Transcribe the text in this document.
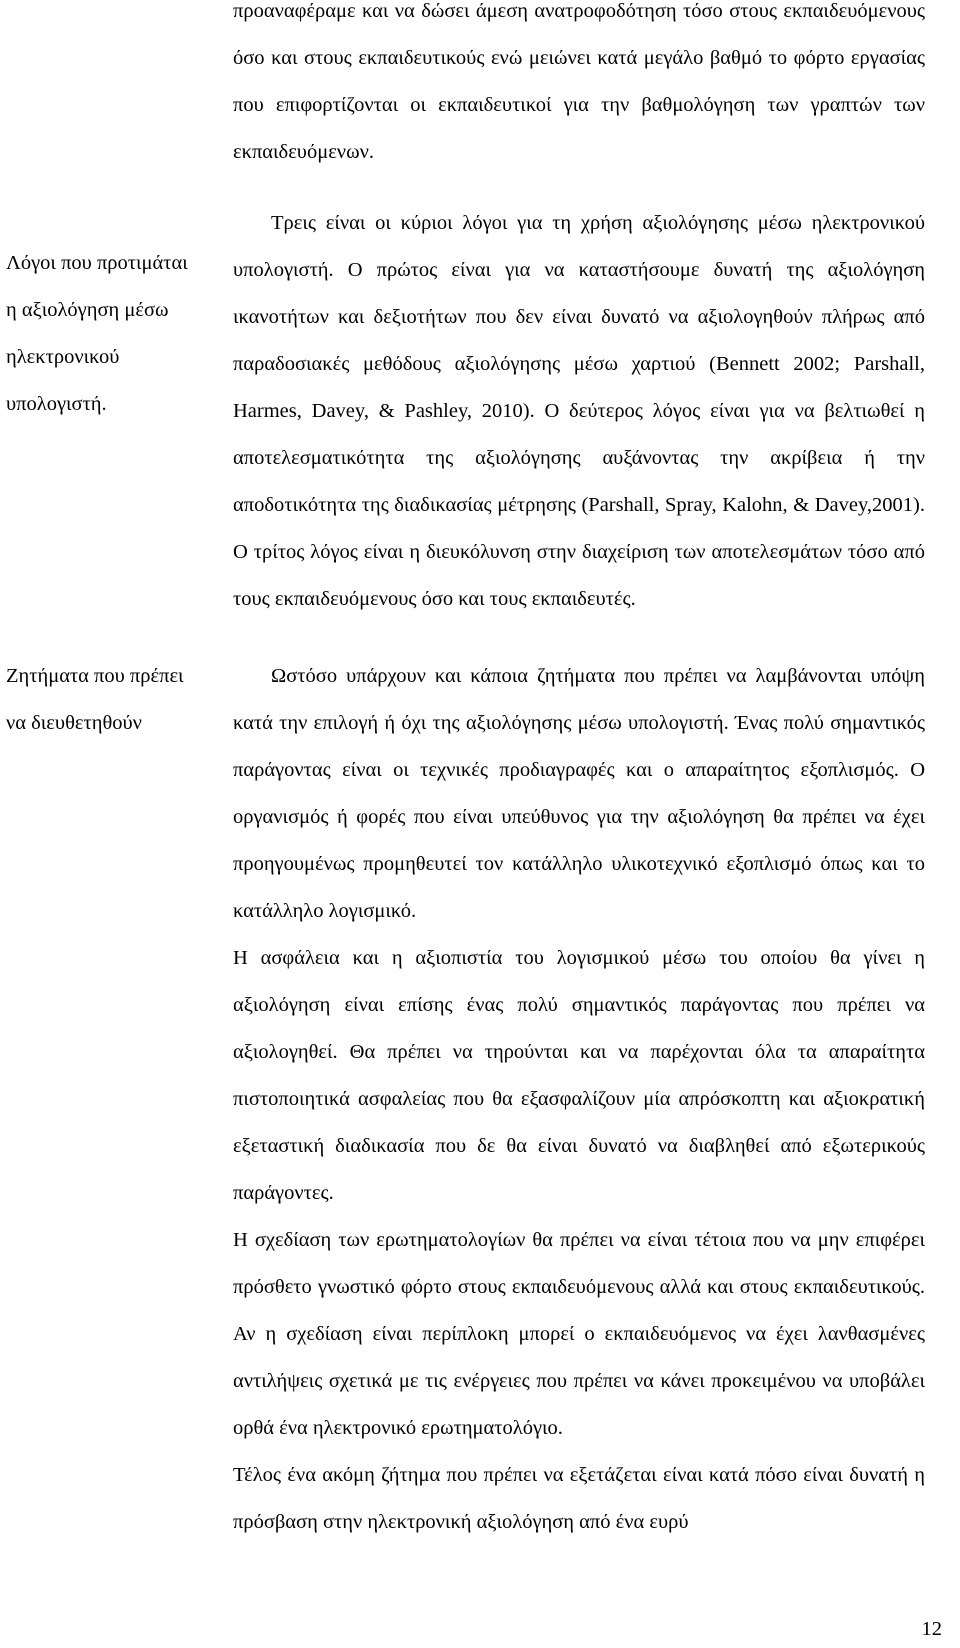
προαναφέραμε και να δώσει άμεση ανατροφοδότηση τόσο στους εκπαιδευόμενους όσο και στους εκπαιδευτικούς ενώ μειώνει κατά μεγάλο βαθμό το φόρτο εργασίας που επιφορτίζονται οι εκπαιδευτικοί για την βαθμολόγηση των γραπτών των εκπαιδευόμενων.

Λόγοι που προτιμάται η αξιολόγηση μέσω ηλεκτρονικού υπολογιστή.

Τρεις είναι οι κύριοι λόγοι για τη χρήση αξιολόγησης μέσω ηλεκτρονικού υπολογιστή. Ο πρώτος είναι για να καταστήσουμε δυνατή της αξιολόγηση ικανοτήτων και δεξιοτήτων που δεν είναι δυνατό να αξιολογηθούν πλήρως από παραδοσιακές μεθόδους αξιολόγησης μέσω χαρτιού (Bennett 2002; Parshall, Harmes, Davey, & Pashley, 2010). Ο δεύτερος λόγος είναι για να βελτιωθεί η αποτελεσματικότητα της αξιολόγησης αυξάνοντας την ακρίβεια ή την αποδοτικότητα της διαδικασίας μέτρησης (Parshall, Spray, Kalohn, & Davey,2001). Ο τρίτος λόγος είναι η διευκόλυνση στην διαχείριση των αποτελεσμάτων τόσο από τους εκπαιδευόμενους όσο και τους εκπαιδευτές.

Ζητήματα που πρέπει να διευθετηθούν

Ωστόσο υπάρχουν και κάποια ζητήματα που πρέπει να λαμβάνονται υπόψη κατά την επιλογή ή όχι της αξιολόγησης μέσω υπολογιστή. Ένας πολύ σημαντικός παράγοντας είναι οι τεχνικές προδιαγραφές και ο απαραίτητος εξοπλισμός. Ο οργανισμός ή φορές που είναι υπεύθυνος για την αξιολόγηση θα πρέπει να έχει προηγουμένως προμηθευτεί τον κατάλληλο υλικοτεχνικό εξοπλισμό όπως και το κατάλληλο λογισμικό.

Η ασφάλεια και η αξιοπιστία του λογισμικού μέσω του οποίου θα γίνει η αξιολόγηση είναι επίσης ένας πολύ σημαντικός παράγοντας που πρέπει να αξιολογηθεί. Θα πρέπει να τηρούνται και να παρέχονται όλα τα απαραίτητα πιστοποιητικά ασφαλείας που θα εξασφαλίζουν μία απρόσκοπτη και αξιοκρατική εξεταστική διαδικασία που δε θα είναι δυνατό να διαβληθεί από εξωτερικούς παράγοντες.

Η σχεδίαση των ερωτηματολογίων θα πρέπει να είναι τέτοια που να μην επιφέρει πρόσθετο γνωστικό φόρτο στους εκπαιδευόμενους αλλά και στους εκπαιδευτικούς. Αν η σχεδίαση είναι περίπλοκη μπορεί ο εκπαιδευόμενος να έχει λανθασμένες αντιλήψεις σχετικά με τις ενέργειες που πρέπει να κάνει προκειμένου να υποβάλει ορθά ένα ηλεκτρονικό ερωτηματολόγιο.

Τέλος ένα ακόμη ζήτημα που πρέπει να εξετάζεται είναι κατά πόσο είναι δυνατή η πρόσβαση στην ηλεκτρονική αξιολόγηση από ένα ευρύ

12
